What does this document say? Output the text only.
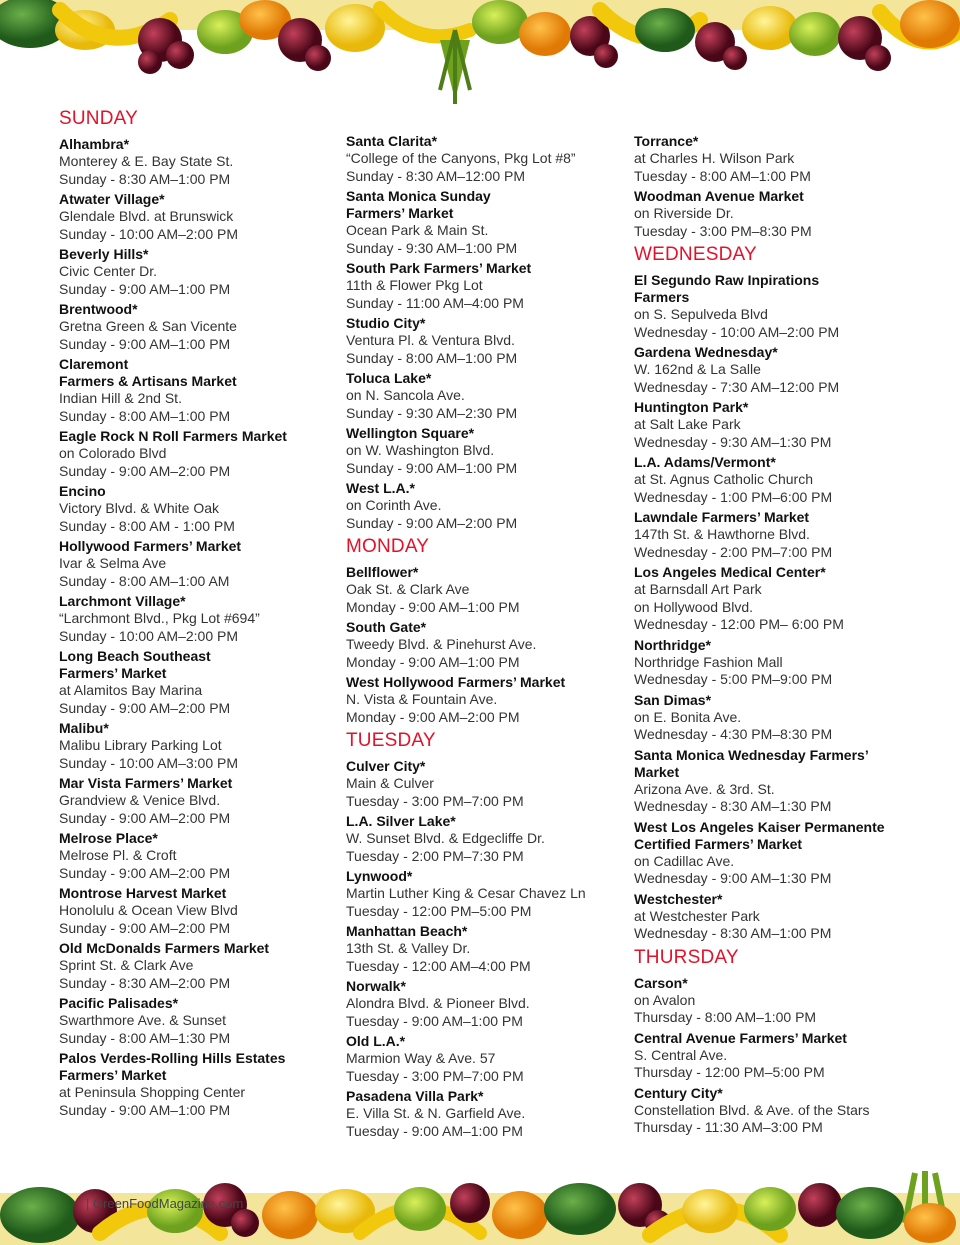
SUNDAY
Alhambra*
Monterey & E. Bay State St.
Sunday - 8:30 AM–1:00 PM
Atwater Village*
Glendale Blvd. at Brunswick
Sunday - 10:00 AM–2:00 PM
Beverly Hills*
Civic Center Dr.
Sunday - 9:00 AM–1:00 PM
Brentwood*
Gretna Green & San Vicente
Sunday - 9:00 AM–1:00 PM
Claremont
Farmers & Artisans Market
Indian Hill & 2nd St.
Sunday - 8:00 AM–1:00 PM
Eagle Rock N Roll Farmers Market
on Colorado Blvd
Sunday - 9:00 AM–2:00 PM
Encino
Victory Blvd. & White Oak
Sunday - 8:00 AM - 1:00 PM
Hollywood Farmers’ Market
Ivar & Selma Ave
Sunday - 8:00 AM–1:00 AM
Larchmont Village*
“Larchmont Blvd., Pkg Lot #694”
Sunday - 10:00 AM–2:00 PM
Long Beach Southeast
Farmers’ Market
at Alamitos Bay Marina
Sunday - 9:00 AM–2:00 PM
Malibu*
Malibu Library Parking Lot
Sunday - 10:00 AM–3:00 PM
Mar Vista Farmers’ Market
Grandview & Venice Blvd.
Sunday - 9:00 AM–2:00 PM
Melrose Place*
Melrose Pl. & Croft
Sunday - 9:00 AM–2:00 PM
Montrose Harvest Market
Honolulu & Ocean View Blvd
Sunday - 9:00 AM–2:00 PM
Old McDonalds Farmers Market
Sprint St. & Clark Ave
Sunday - 8:30 AM–2:00 PM
Pacific Palisades*
Swarthmore Ave. & Sunset
Sunday - 8:00 AM–1:30 PM
Palos Verdes-Rolling Hills Estates
Farmers’ Market
at Peninsula Shopping Center
Sunday - 9:00 AM–1:00 PM
Santa Clarita*
“College of the Canyons, Pkg Lot #8”
Sunday - 8:30 AM–12:00 PM
Santa Monica Sunday
Farmers’ Market
Ocean Park & Main St.
Sunday - 9:30 AM–1:00 PM
South Park Farmers’ Market
11th & Flower Pkg Lot
Sunday - 11:00 AM–4:00 PM
Studio City*
Ventura Pl. & Ventura Blvd.
Sunday - 8:00 AM–1:00 PM
Toluca Lake*
on N. Sancola Ave.
Sunday - 9:30 AM–2:30 PM
Wellington Square*
on W. Washington Blvd.
Sunday - 9:00 AM–1:00 PM
West L.A.*
on Corinth Ave.
Sunday - 9:00 AM–2:00 PM
MONDAY
Bellflower*
Oak St. & Clark Ave
Monday - 9:00 AM–1:00 PM
South Gate*
Tweedy Blvd. & Pinehurst Ave.
Monday - 9:00 AM–1:00 PM
West Hollywood Farmers’ Market
N. Vista & Fountain Ave.
Monday - 9:00 AM–2:00 PM
TUESDAY
Culver City*
Main & Culver
Tuesday - 3:00 PM–7:00 PM
L.A. Silver Lake*
W. Sunset Blvd. & Edgecliffe Dr.
Tuesday - 2:00 PM–7:30 PM
Lynwood*
Martin Luther King & Cesar Chavez Ln
Tuesday - 12:00 PM–5:00 PM
Manhattan Beach*
13th St. & Valley Dr.
Tuesday - 12:00 AM–4:00 PM
Norwalk*
Alondra Blvd. & Pioneer Blvd.
Tuesday - 9:00 AM–1:00 PM
Old L.A.*
Marmion Way & Ave. 57
Tuesday - 3:00 PM–7:00 PM
Pasadena Villa Park*
E. Villa St. & N. Garfield Ave.
Tuesday - 9:00 AM–1:00 PM
Torrance*
at Charles H. Wilson Park
Tuesday - 8:00 AM–1:00 PM
Woodman Avenue Market
on Riverside Dr.
Tuesday - 3:00 PM–8:30 PM
WEDNESDAY
El Segundo Raw Inpirations
Farmers
on S. Sepulveda Blvd
Wednesday - 10:00 AM–2:00 PM
Gardena Wednesday*
W. 162nd & La Salle
Wednesday - 7:30 AM–12:00 PM
Huntington Park*
at Salt Lake Park
Wednesday - 9:30 AM–1:30 PM
L.A. Adams/Vermont*
at St. Agnus Catholic Church
Wednesday - 1:00 PM–6:00 PM
Lawndale Farmers’ Market
147th St. & Hawthorne Blvd.
Wednesday - 2:00 PM–7:00 PM
Los Angeles Medical Center*
at Barnsdall Art Park
on Hollywood Blvd.
Wednesday - 12:00 PM– 6:00 PM
Northridge*
Northridge Fashion Mall
Wednesday - 5:00 PM–9:00 PM
San Dimas*
on E. Bonita Ave.
Wednesday - 4:30 PM–8:30 PM
Santa Monica Wednesday Farmers’
Market
Arizona Ave. & 3rd. St.
Wednesday - 8:30 AM–1:30 PM
West Los Angeles Kaiser Permanente
Certified Farmers’ Market
on Cadillac Ave.
Wednesday - 9:00 AM–1:30 PM
Westchester*
at Westchester Park
Wednesday - 8:30 AM–1:00 PM
THURSDAY
Carson*
on Avalon
Thursday - 8:00 AM–1:00 PM
Central Avenue Farmers’ Market
S. Central Ave.
Thursday - 12:00 PM–5:00 PM
Century City*
Constellation Blvd. & Ave. of the Stars
Thursday - 11:30 AM–3:00 PM
| GreenFoodMagazine.com
